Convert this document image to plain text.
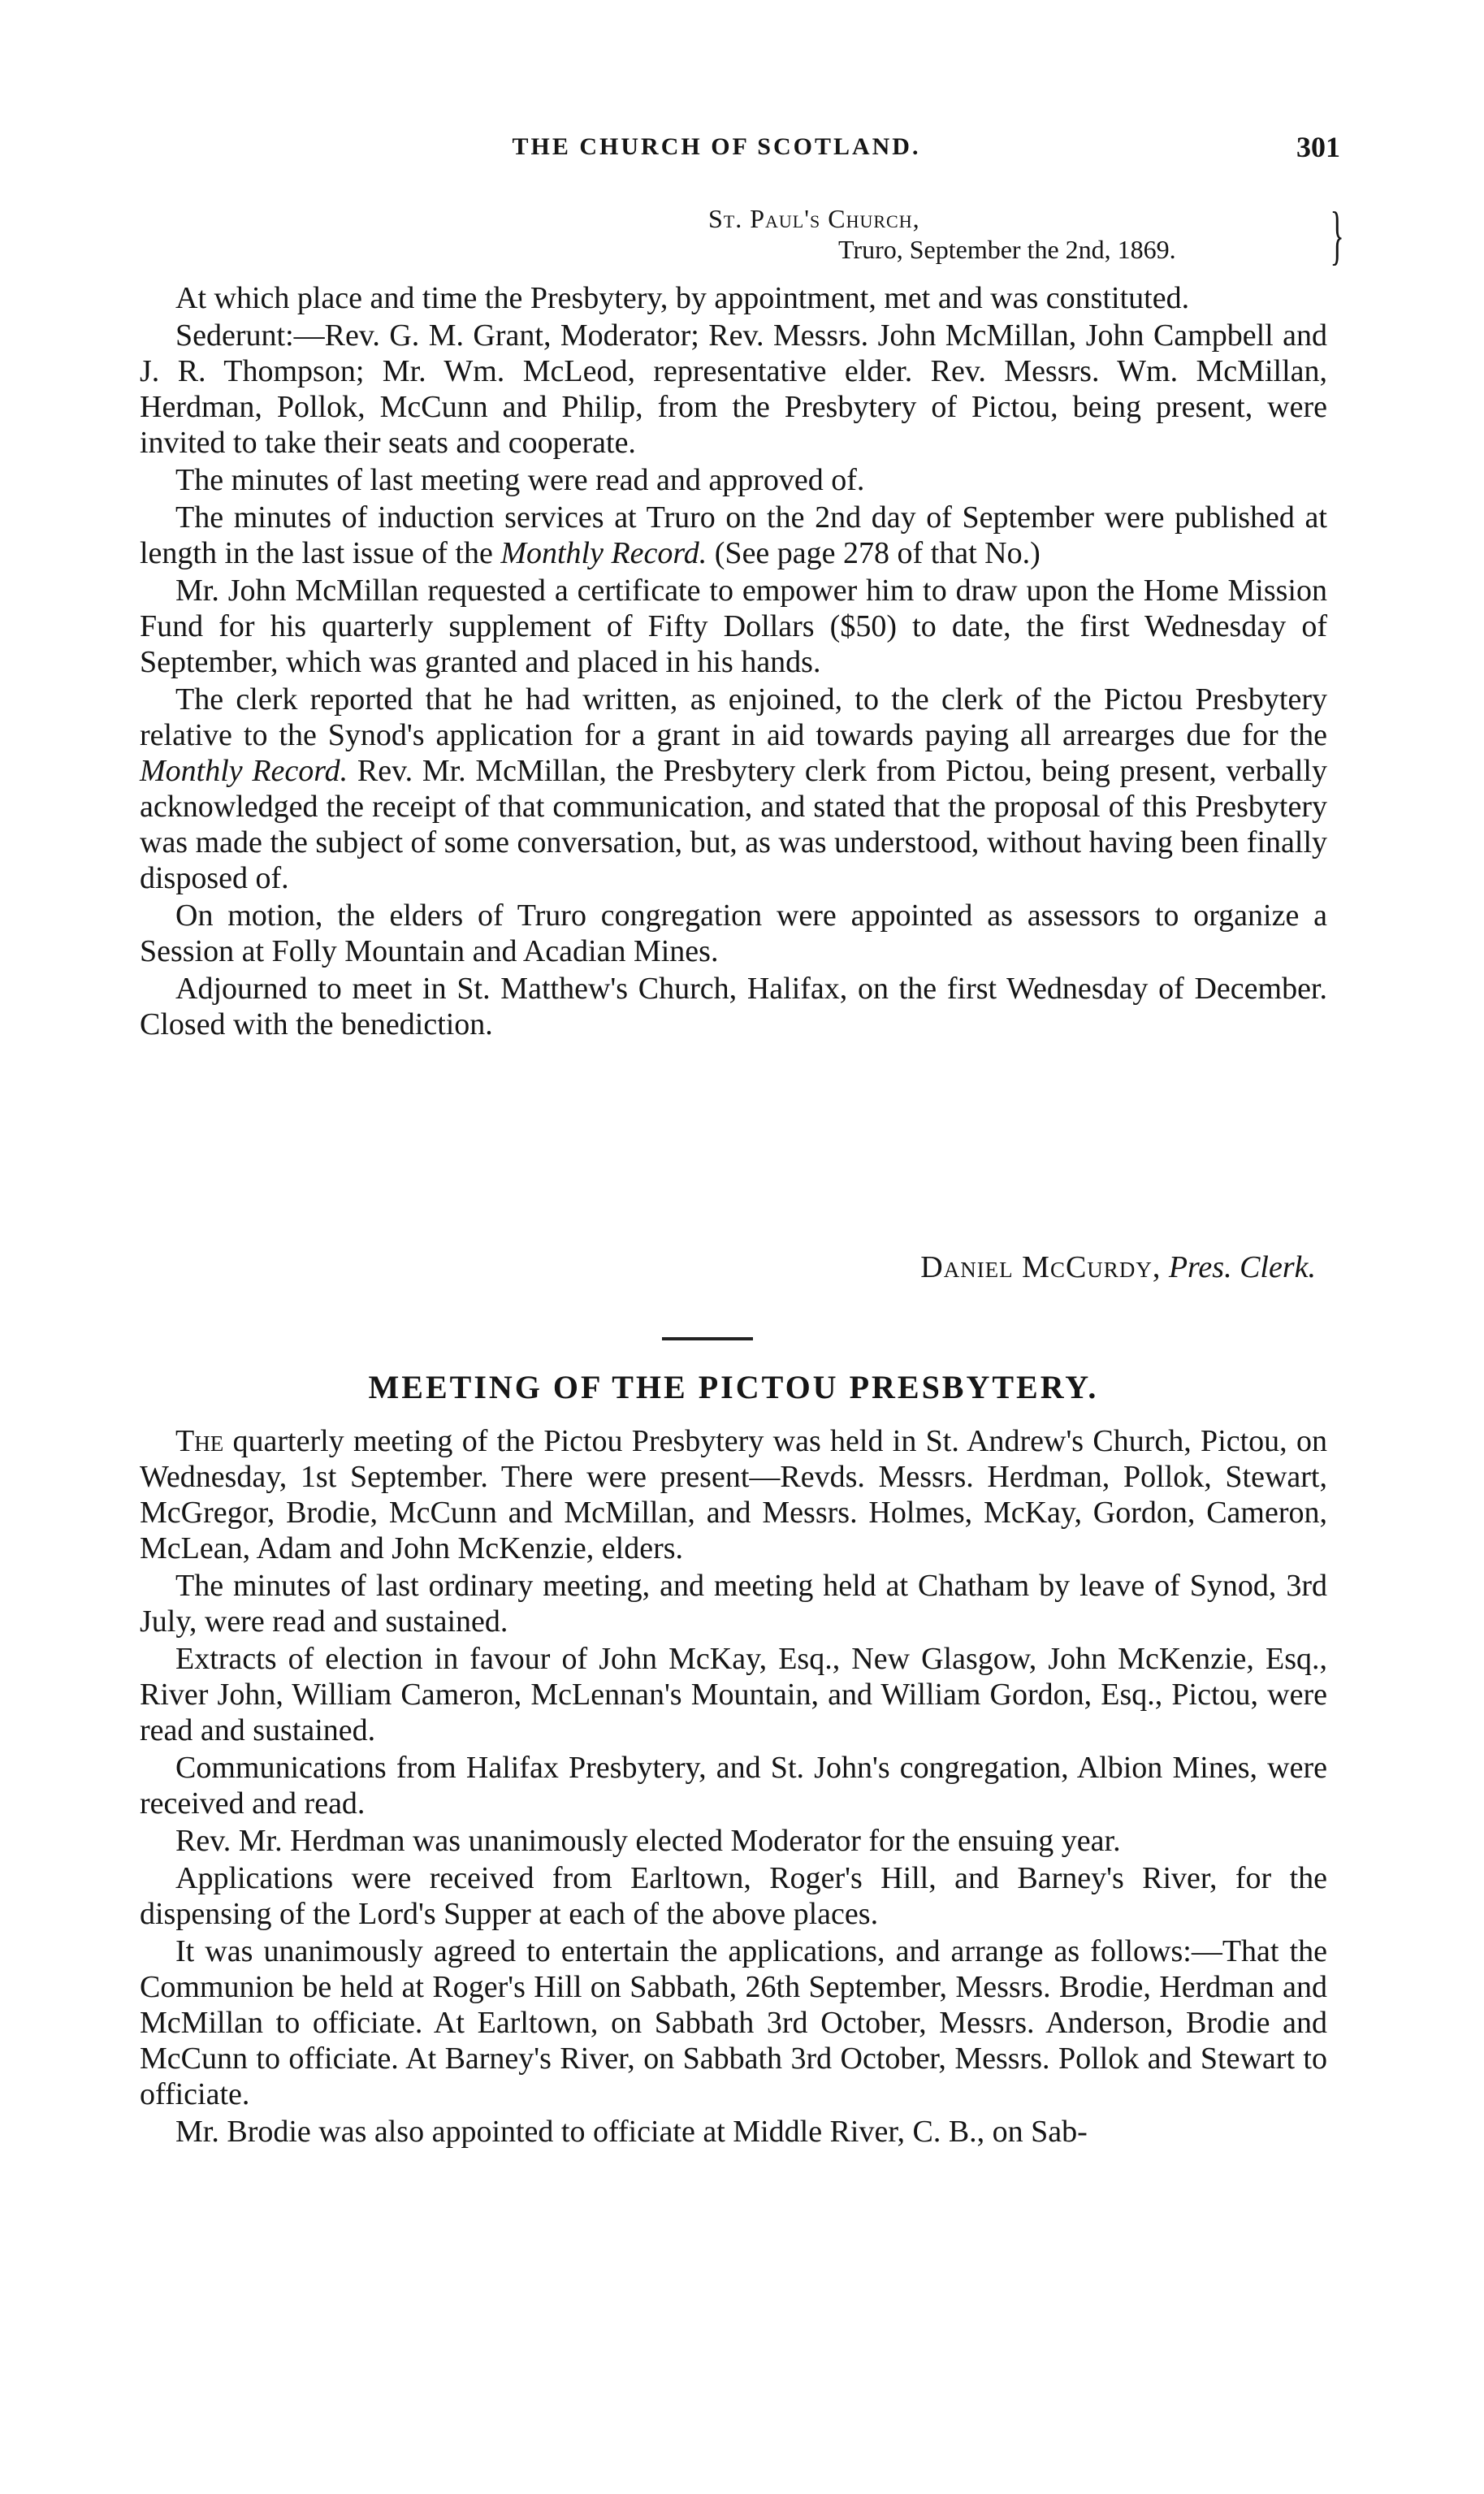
THE CHURCH OF SCOTLAND.	301
St. Paul's Church,
Truro, September the 2nd, 1869.	}

At which place and time the Presbytery, by appointment, met and was constituted.

Sederunt:—Rev. G. M. Grant, Moderator; Rev. Messrs. John McMillan, John Campbell and J. R. Thompson; Mr. Wm. McLeod, representative elder. Rev. Messrs. Wm. McMillan, Herdman, Pollok, McCunn and Philip, from the Presbytery of Pictou, being present, were invited to take their seats and cooperate.

The minutes of last meeting were read and approved of.

The minutes of induction services at Truro on the 2nd day of September were published at length in the last issue of the Monthly Record. (See page 278 of that No.)

Mr. John McMillan requested a certificate to empower him to draw upon the Home Mission Fund for his quarterly supplement of Fifty Dollars ($50) to date, the first Wednesday of September, which was granted and placed in his hands.

The clerk reported that he had written, as enjoined, to the clerk of the Pictou Presbytery relative to the Synod's application for a grant in aid towards paying all arrearges due for the Monthly Record. Rev. Mr. McMillan, the Presbytery clerk from Pictou, being present, verbally acknowledged the receipt of that communication, and stated that the proposal of this Presbytery was made the subject of some conversation, but, as was understood, without having been finally disposed of.

On motion, the elders of Truro congregation were appointed as assessors to organize a Session at Folly Mountain and Acadian Mines.

Adjourned to meet in St. Matthew's Church, Halifax, on the first Wednesday of December. Closed with the benediction.

Daniel McCurdy, Pres. Clerk.
MEETING OF THE PICTOU PRESBYTERY.

The quarterly meeting of the Pictou Presbytery was held in St. Andrew's Church, Pictou, on Wednesday, 1st September. There were present—Revds. Messrs. Herdman, Pollok, Stewart, McGregor, Brodie, McCunn and McMillan, and Messrs. Holmes, McKay, Gordon, Cameron, McLean, Adam and John McKenzie, elders.

The minutes of last ordinary meeting, and meeting held at Chatham by leave of Synod, 3rd July, were read and sustained.

Extracts of election in favour of John McKay, Esq., New Glasgow, John McKenzie, Esq., River John, William Cameron, McLennan's Mountain, and William Gordon, Esq., Pictou, were read and sustained.

Communications from Halifax Presbytery, and St. John's congregation, Albion Mines, were received and read.

Rev. Mr. Herdman was unanimously elected Moderator for the ensuing year.

Applications were received from Earltown, Roger's Hill, and Barney's River, for the dispensing of the Lord's Supper at each of the above places.

It was unanimously agreed to entertain the applications, and arrange as follows:—That the Communion be held at Roger's Hill on Sabbath, 26th September, Messrs. Brodie, Herdman and McMillan to officiate. At Earltown, on Sabbath 3rd October, Messrs. Anderson, Brodie and McCunn to officiate. At Barney's River, on Sabbath 3rd October, Messrs. Pollok and Stewart to officiate.

Mr. Brodie was also appointed to officiate at Middle River, C. B., on Sab-
